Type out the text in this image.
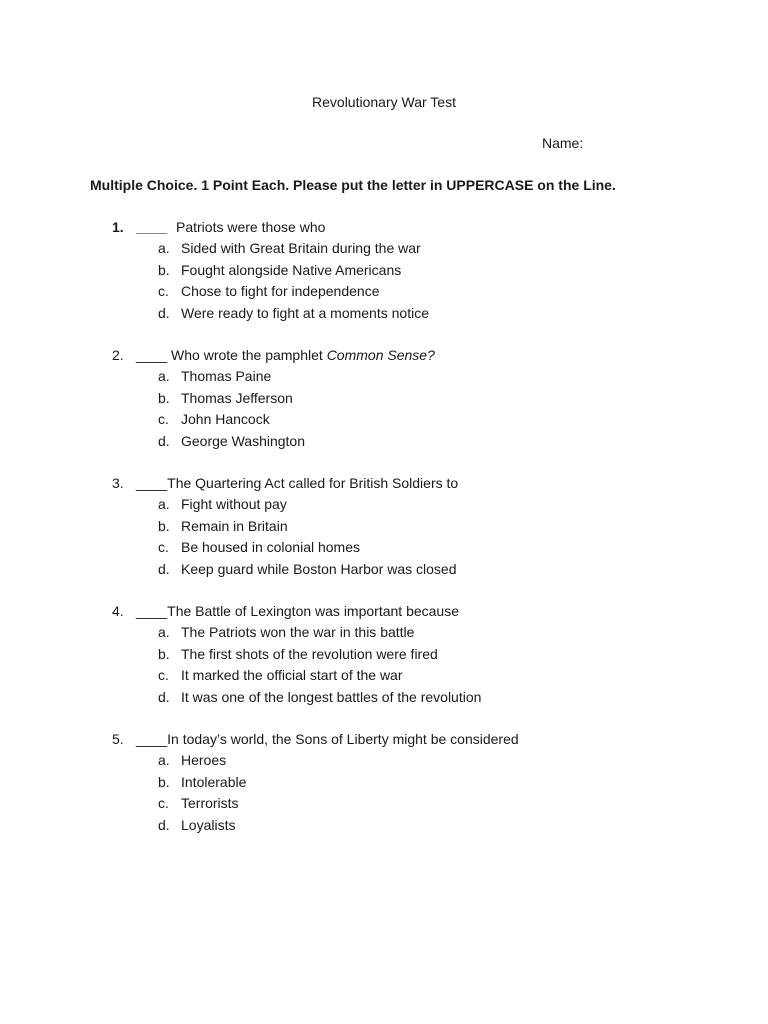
Revolutionary War Test
Name:
Multiple Choice. 1 Point Each. Please put the letter in UPPERCASE on the Line.
1. ____ Patriots were those who
a. Sided with Great Britain during the war
b. Fought alongside Native Americans
c. Chose to fight for independence
d. Were ready to fight at a moments notice
2. ____ Who wrote the pamphlet Common Sense?
a. Thomas Paine
b. Thomas Jefferson
c. John Hancock
d. George Washington
3. ____The Quartering Act called for British Soldiers to
a. Fight without pay
b. Remain in Britain
c. Be housed in colonial homes
d. Keep guard while Boston Harbor was closed
4. ____The Battle of Lexington was important because
a. The Patriots won the war in this battle
b. The first shots of the revolution were fired
c. It marked the official start of the war
d. It was one of the longest battles of the revolution
5. ____In today’s world, the Sons of Liberty might be considered
a. Heroes
b. Intolerable
c. Terrorists
d. Loyalists
